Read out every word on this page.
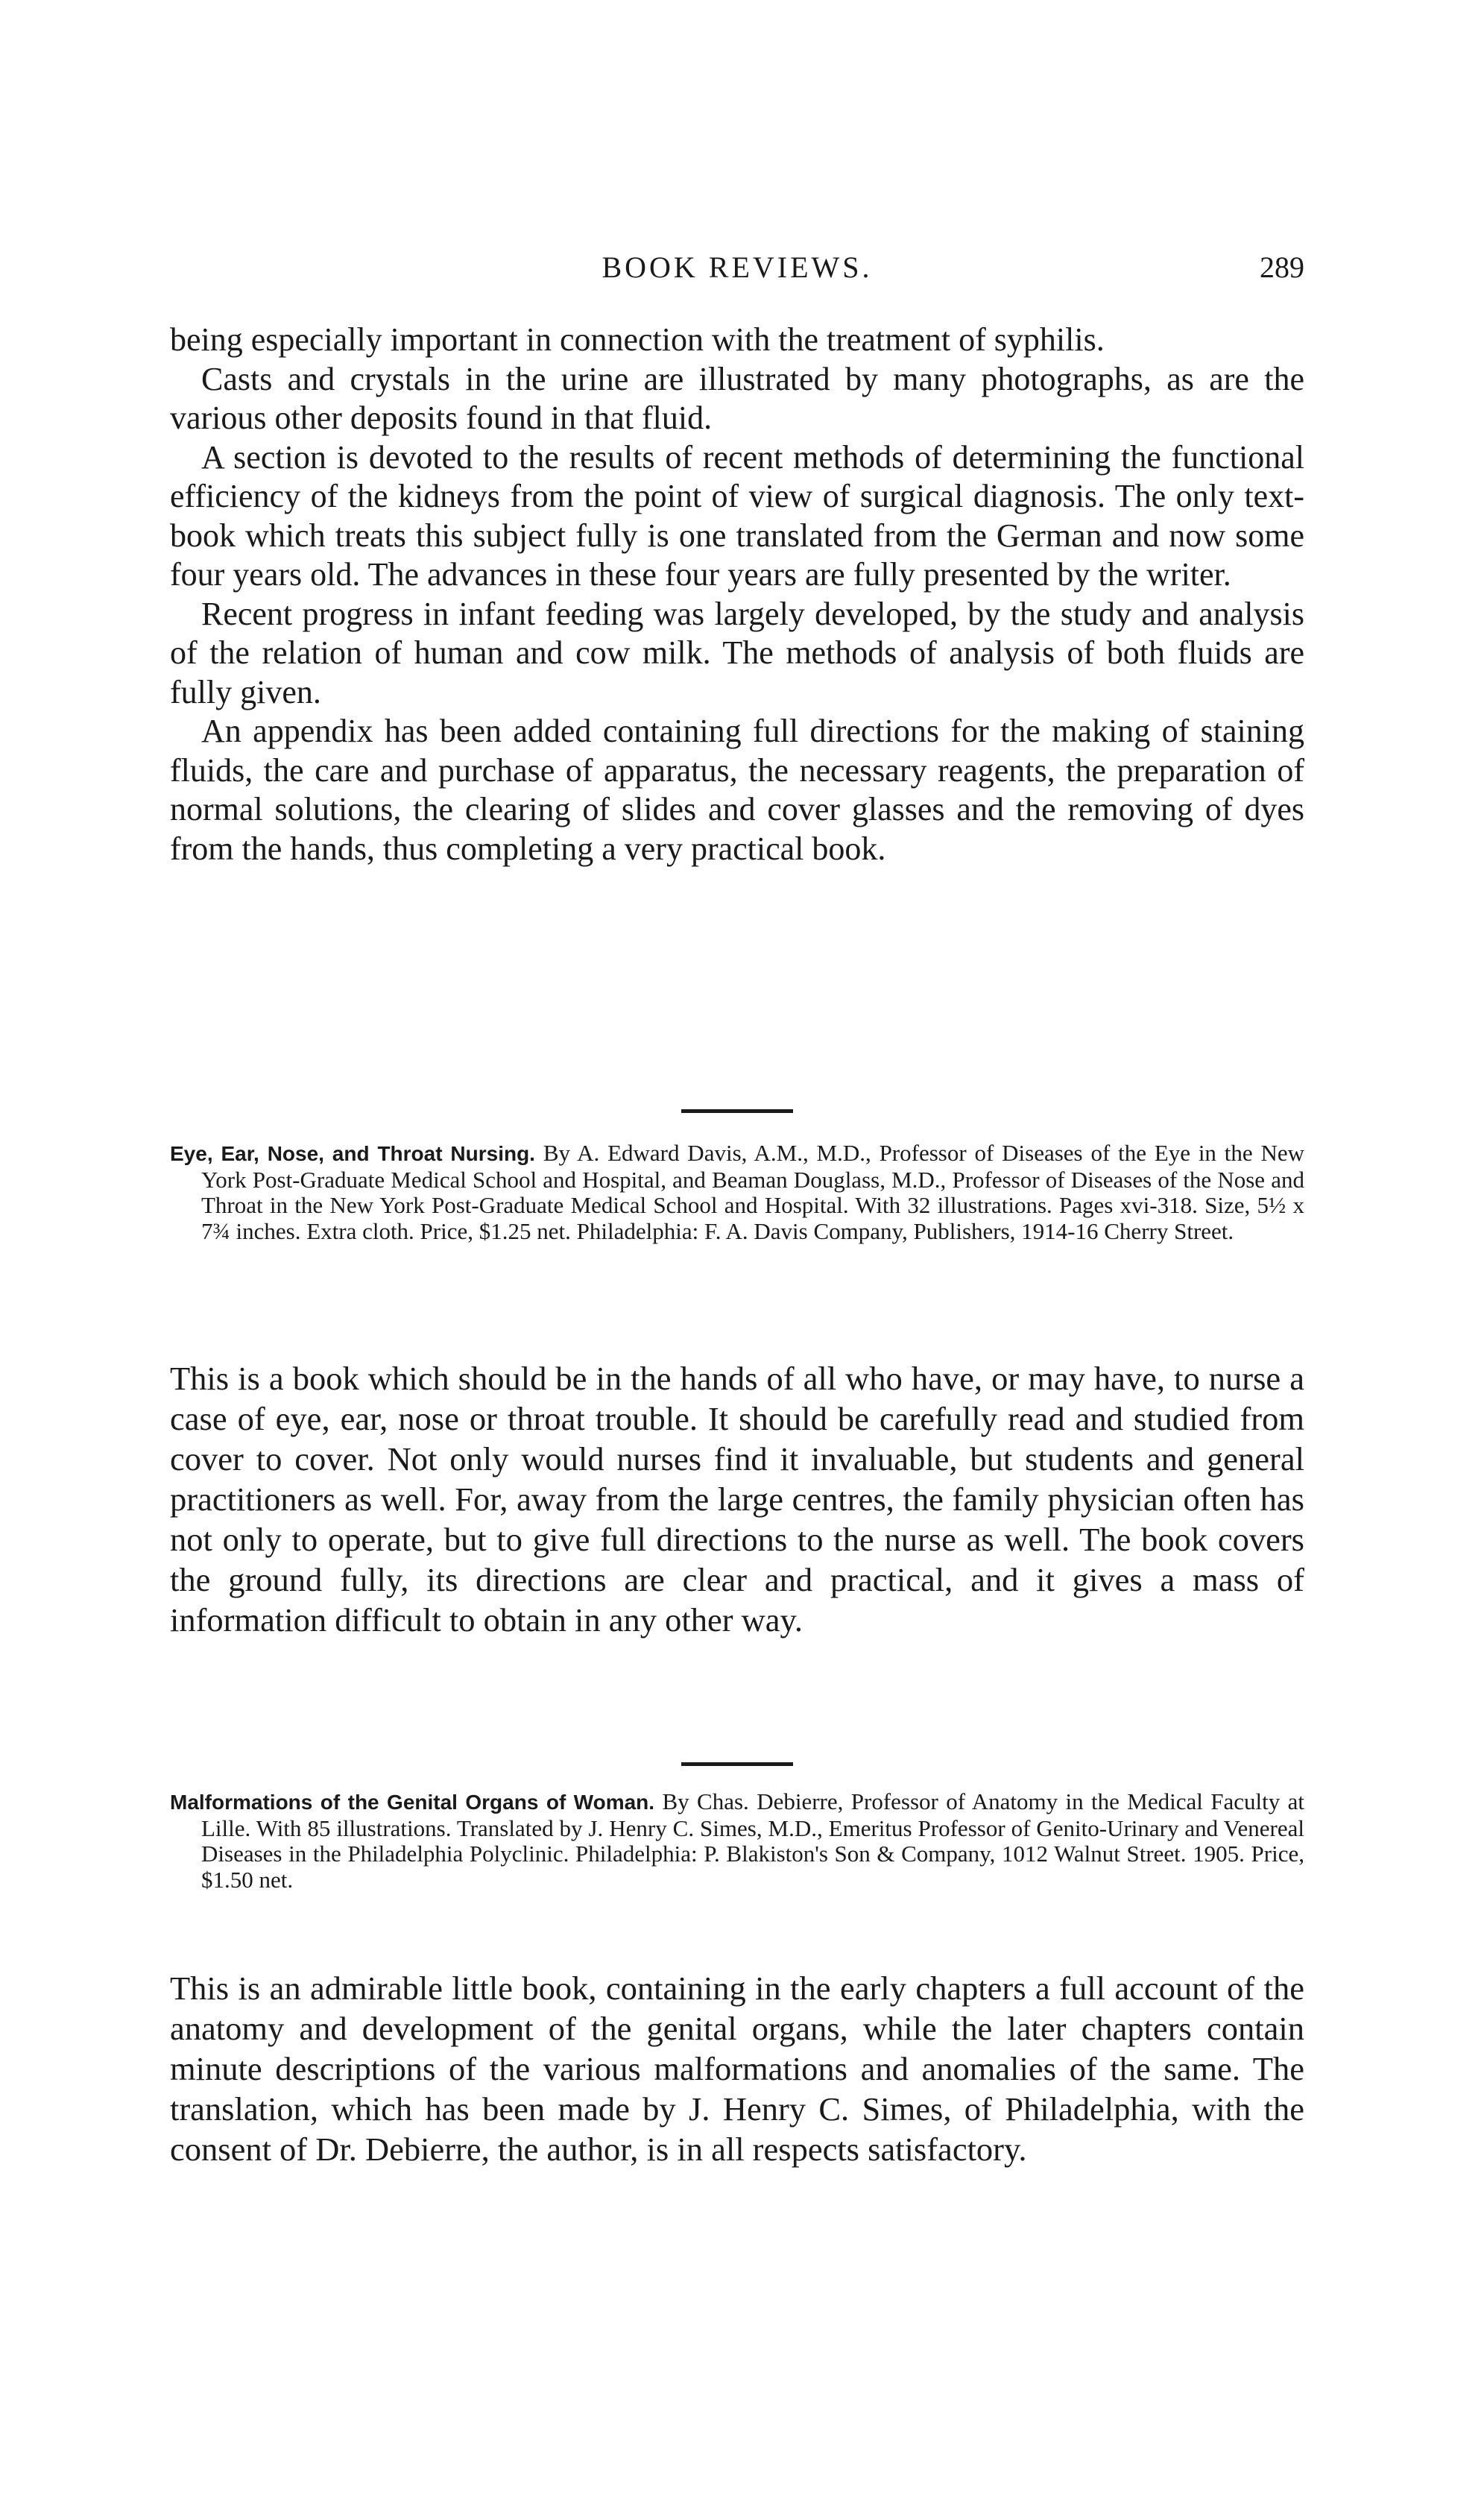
BOOK REVIEWS.	289

being especially important in connection with the treatment of syphilis.

Casts and crystals in the urine are illustrated by many photographs, as are the various other deposits found in that fluid.

A section is devoted to the results of recent methods of determining the functional efficiency of the kidneys from the point of view of surgical diagnosis. The only text-book which treats this subject fully is one translated from the German and now some four years old. The advances in these four years are fully presented by the writer.

Recent progress in infant feeding was largely developed, by the study and analysis of the relation of human and cow milk. The methods of analysis of both fluids are fully given.

An appendix has been added containing full directions for the making of staining fluids, the care and purchase of apparatus, the necessary reagents, the preparation of normal solutions, the clearing of slides and cover glasses and the removing of dyes from the hands, thus completing a very practical book.

Eye, Ear, Nose, and Throat Nursing. By A. Edward Davis, A.M., M.D., Professor of Diseases of the Eye in the New York Post-Graduate Medical School and Hospital, and Beaman Douglass, M.D., Professor of Diseases of the Nose and Throat in the New York Post-Graduate Medical School and Hospital. With 32 illustrations. Pages xvi-318. Size, 5½ x 7¾ inches. Extra cloth. Price, $1.25 net. Philadelphia: F. A. Davis Company, Publishers, 1914-16 Cherry Street.

This is a book which should be in the hands of all who have, or may have, to nurse a case of eye, ear, nose or throat trouble. It should be carefully read and studied from cover to cover. Not only would nurses find it invaluable, but students and general practitioners as well. For, away from the large centres, the family physician often has not only to operate, but to give full directions to the nurse as well. The book covers the ground fully, its directions are clear and practical, and it gives a mass of information difficult to obtain in any other way.

Malformations of the Genital Organs of Woman. By Chas. Debierre, Professor of Anatomy in the Medical Faculty at Lille. With 85 illustrations. Translated by J. Henry C. Simes, M.D., Emeritus Professor of Genito-Urinary and Venereal Diseases in the Philadelphia Polyclinic. Philadelphia: P. Blakiston's Son & Company, 1012 Walnut Street. 1905. Price, $1.50 net.

This is an admirable little book, containing in the early chapters a full account of the anatomy and development of the genital organs, while the later chapters contain minute descriptions of the various malformations and anomalies of the same. The translation, which has been made by J. Henry C. Simes, of Philadelphia, with the consent of Dr. Debierre, the author, is in all respects satisfactory.
